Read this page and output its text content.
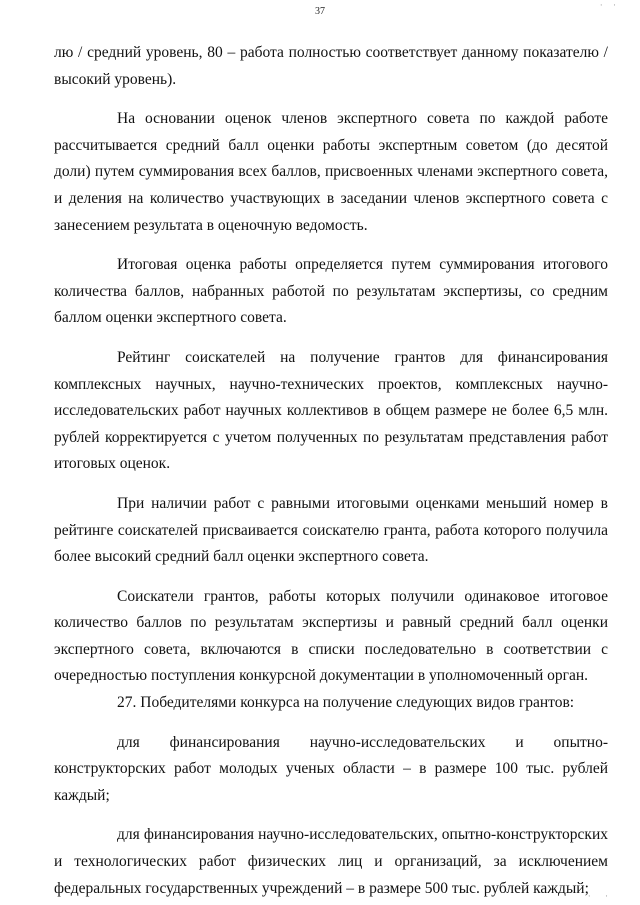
· ·
37

лю / средний уровень, 80 – работа полностью соответствует данному показателю / высокий уровень).

На основании оценок членов экспертного совета по каждой работе рассчитывается средний балл оценки работы экспертным советом (до десятой доли) путем суммирования всех баллов, присвоенных членами экспертного совета, и деления на количество участвующих в заседании членов экспертного совета с занесением результата в оценочную ведомость.

Итоговая оценка работы определяется путем суммирования итогового количества баллов, набранных работой по результатам экспертизы, со средним баллом оценки экспертного совета.

Рейтинг соискателей на получение грантов для финансирования комплексных научных, научно-технических проектов, комплексных научно-исследовательских работ научных коллективов в общем размере не более 6,5 млн. рублей корректируется с учетом полученных по результатам представления работ итоговых оценок.

При наличии работ с равными итоговыми оценками меньший номер в рейтинге соискателей присваивается соискателю гранта, работа которого получила более высокий средний балл оценки экспертного совета.

Соискатели грантов, работы которых получили одинаковое итоговое количество баллов по результатам экспертизы и равный средний балл оценки экспертного совета, включаются в списки последовательно в соответствии с очередностью поступления конкурсной документации в уполномоченный орган.

27. Победителями конкурса на получение следующих видов грантов:

для финансирования научно-исследовательских и опытно-конструкторских работ молодых ученых области – в размере 100 тыс. рублей каждый;

для финансирования научно-исследовательских, опытно-конструкторских и технологических работ физических лиц и организаций, за исключением федеральных государственных учреждений – в размере 500 тыс. рублей каждый;

· ·
